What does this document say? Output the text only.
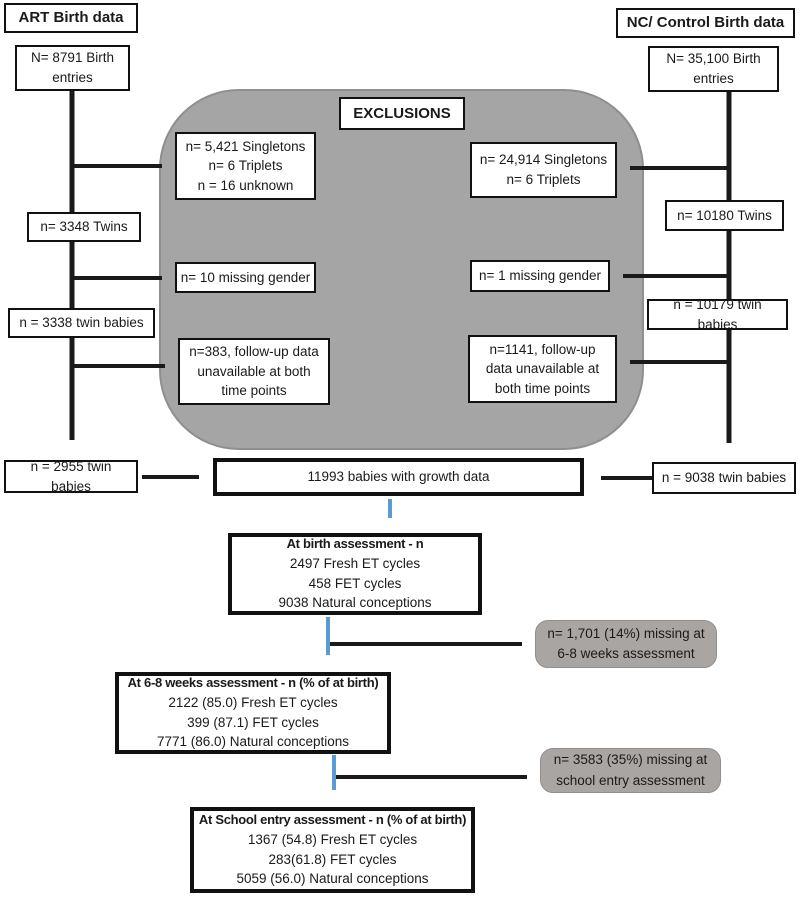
ART Birth data
N= 8791 Birth
entries
n= 3348 Twins
n = 3338 twin babies
n = 2955 twin babies
NC/ Control Birth data
N= 35,100 Birth
entries
n= 10180 Twins
n = 10179 twin babies
n = 9038 twin babies
EXCLUSIONS
n= 5,421 Singletons
n= 6 Triplets
n = 16 unknown
n= 10 missing gender
n=383, follow-up data
unavailable at both
time points
n= 24,914 Singletons
n= 6 Triplets
n= 1 missing gender
n=1141, follow-up
data unavailable at
both time points
11993 babies with growth data
At birth assessment - n
2497 Fresh ET cycles
458 FET cycles
9038 Natural conceptions
n= 1,701 (14%) missing at
6-8 weeks assessment
At 6-8 weeks assessment - n (% of at birth)
2122 (85.0) Fresh ET cycles
399 (87.1) FET cycles
7771 (86.0) Natural conceptions
n= 3583 (35%) missing at
school entry assessment
At School entry assessment - n (% of at birth)
1367 (54.8) Fresh ET cycles
283(61.8) FET cycles
5059 (56.0) Natural conceptions
